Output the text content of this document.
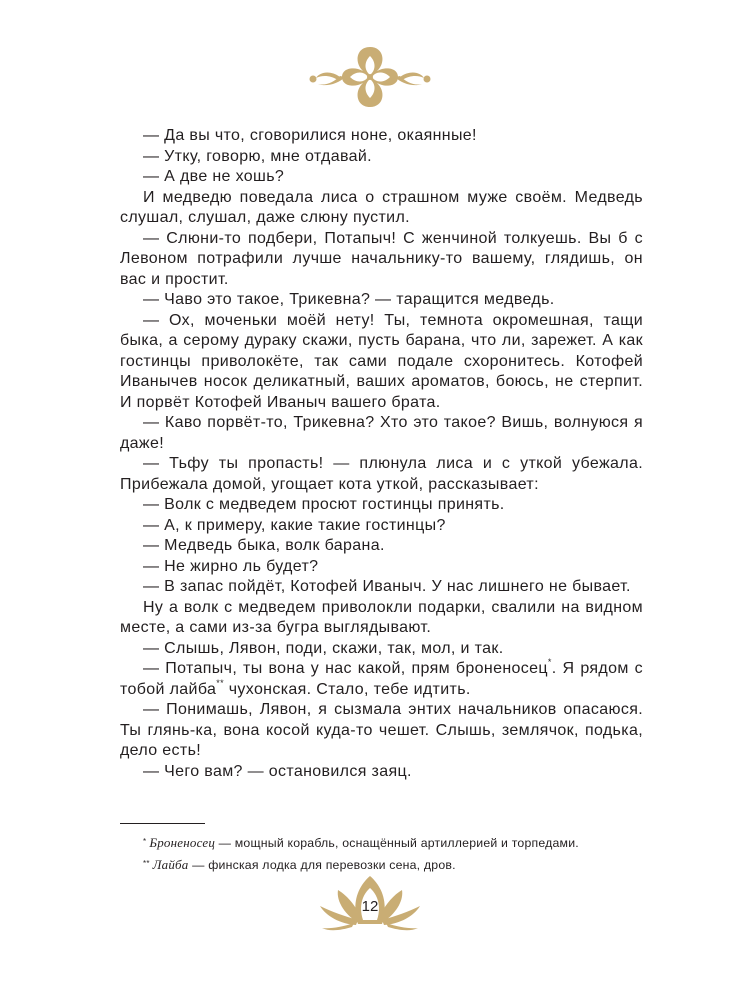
— Да вы что, сговорилися ноне, окаянные!

— Утку, говорю, мне отдавай.

— А две не хошь?

И медведю поведала лиса о страшном муже своём. Медведь слушал, слушал, даже слюну пустил.

— Слюни-то подбери, Потапыч! С женчиной толкуешь. Вы б с Левоном потрафили лучше начальнику-то вашему, глядишь, он вас и простит.

— Чаво это такое, Трикевна? — таращится медведь.

— Ох, моченьки моёй нету! Ты, темнота окромешная, тащи быка, а серому дураку скажи, пусть барана, что ли, зарежет. А как гостинцы приволокёте, так сами подале схоронитесь. Котофей Иванычев носок деликатный, ваших ароматов, боюсь, не стерпит. И порвёт Котофей Иваныч вашего брата.

— Каво порвёт-то, Трикевна? Хто это такое? Вишь, волнуюся я даже!

— Тьфу ты пропасть! — плюнула лиса и с уткой убежала. Прибежала домой, угощает кота уткой, рассказывает:

— Волк с медведем просют гостинцы принять.

— А, к примеру, какие такие гостинцы?

— Медведь быка, волк барана.

— Не жирно ль будет?

— В запас пойдёт, Котофей Иваныч. У нас лишнего не бывает.

Ну а волк с медведем приволокли подарки, свалили на видном месте, а сами из-за бугра выглядывают.

— Слышь, Лявон, поди, скажи, так, мол, и так.

— Потапыч, ты вона у нас какой, прям броненосец*. Я рядом с тобой лайба** чухонская. Стало, тебе идтить.

— Понимашь, Лявон, я сызмала энтих начальников опасаюся. Ты глянь-ка, вона косой куда-то чешет. Слышь, землячок, подька, дело есть!

— Чего вам? — остановился заяц.

* Броненосец — мощный корабль, оснащённый артиллерией и торпедами.

** Лайба — финская лодка для перевозки сена, дров.

12
